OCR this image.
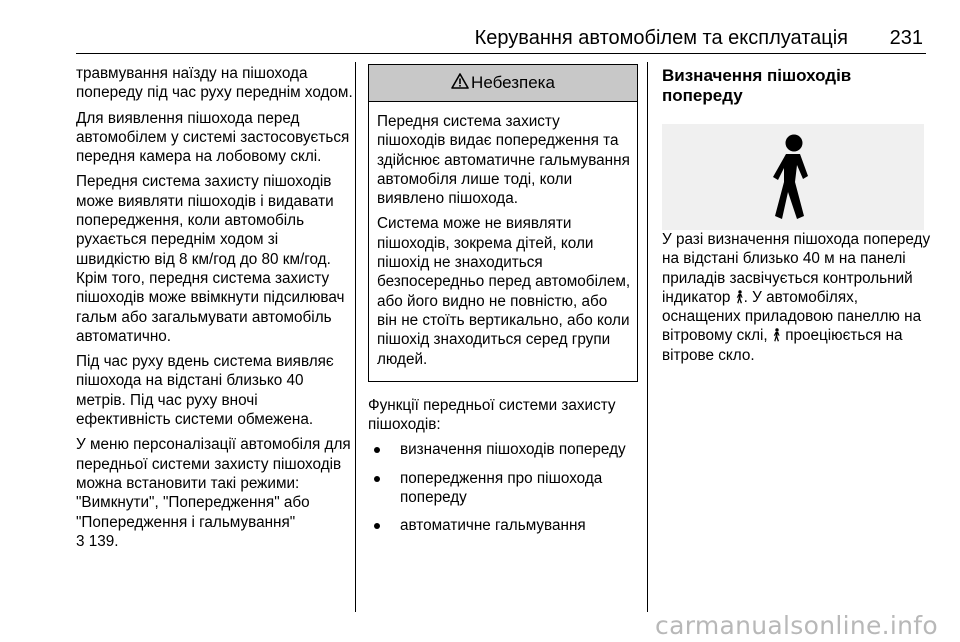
Керування автомобілем та експлуатація 231

травмування наїзду на пішохода попереду під час руху переднім ходом.

Для виявлення пішохода перед автомобілем у системі застосовується передня камера на лобовому склі.

Передня система захисту пішоходів може виявляти пішоходів і видавати попередження, коли автомобіль рухається переднім ходом зі швидкістю від 8 км/год до 80 км/год. Крім того, передня система захисту пішоходів може ввімкнути підсилювач гальм або загальмувати автомобіль автоматично.

Під час руху вдень система виявляє пішохода на відстані близько 40 метрів. Під час руху вночі ефективність системи обмежена.

У меню персоналізації автомобіля для передньої системи захисту пішоходів можна встановити такі режими: "Вимкнути", "Попередження" або "Попередження і гальмування"
3 139.

Небезпека

Передня система захисту пішоходів видає попередження та здійснює автоматичне гальмування автомобіля лише тоді, коли виявлено пішохода.

Система може не виявляти пішоходів, зокрема дітей, коли пішохід не знаходиться безпосередньо перед автомобілем, або його видно не повністю, або він не стоїть вертикально, або коли пішохід знаходиться серед групи людей.

Функції передньої системи захисту пішоходів:

визначення пішоходів попереду
попередження про пішохода попереду
автоматичне гальмування
Визначення пішоходів попереду

У разі визначення пішохода попереду на відстані близько 40 м на панелі приладів засвічується контрольний індикатор . У автомобілях, оснащених приладовою панеллю на вітровому склі, проеціюється на вітрове скло.

carmanualsonline.info
